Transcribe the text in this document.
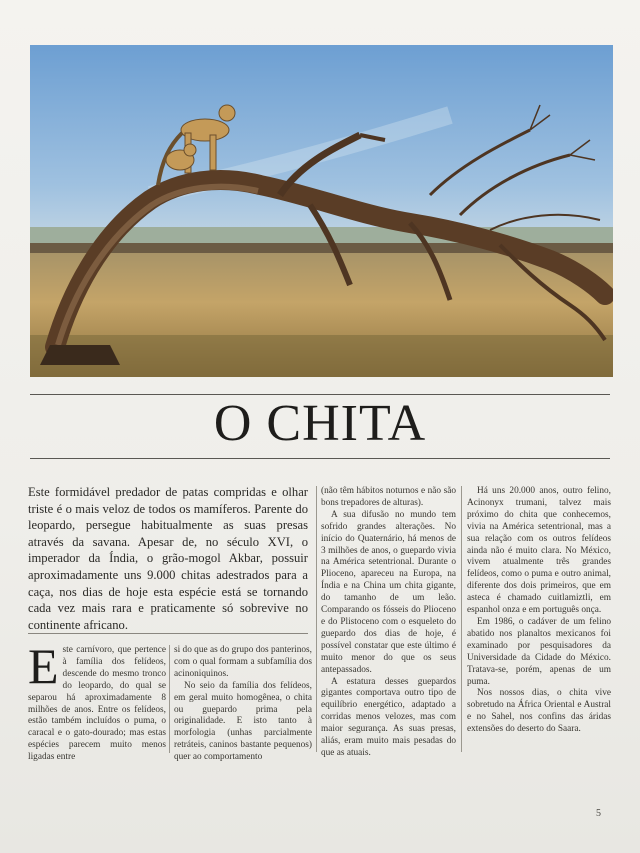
O CHITA
Este formidável predador de patas compridas e olhar triste é o mais veloz de todos os mamíferos. Parente do leopardo, persegue habitualmente as suas presas através da savana. Apesar de, no século XVI, o imperador da Índia, o grão-mogol Akbar, possuir aproximadamente uns 9.000 chitas adestrados para a caça, nos dias de hoje esta espécie está se tornando cada vez mais rara e praticamente só sobrevive no continente africano.

Este carnívoro, que pertence à família dos felídeos, descende do mesmo tronco do leopardo, do qual se separou há aproximadamente 8 milhões de anos. Entre os felídeos, estão também incluídos o puma, o caracal e o gato-dourado; mas estas espécies parecem muito menos ligadas entre

si do que as do grupo dos panterinos, com o qual formam a subfamília dos acinoniquinos.

No seio da família dos felídeos, em geral muito homogênea, o chita ou guepardo prima pela originalidade. E isto tanto à morfologia (unhas parcialmente retráteis, caninos bastante pequenos) quer ao comportamento

(não têm hábitos noturnos e não são bons trepadores de alturas).

A sua difusão no mundo tem sofrido grandes alterações. No início do Quaternário, há menos de 3 milhões de anos, o guepardo vivia na América setentrional. Durante o Plioceno, apareceu na Europa, na Índia e na China um chita gigante, do tamanho de um leão. Comparando os fósseis do Plioceno e do Plistoceno com o esqueleto do guepardo dos dias de hoje, é possível constatar que este último é muito menor do que os seus antepassados.

A estatura desses guepardos gigantes comportava outro tipo de equilíbrio energético, adaptado a corridas menos velozes, mas com maior segurança. As suas presas, aliás, eram muito mais pesadas do que as atuais.

Há uns 20.000 anos, outro felino, Acinonyx trumani, talvez mais próximo do chita que conhecemos, vivia na América setentrional, mas a sua relação com os outros felídeos ainda não é muito clara. No México, vivem atualmente três grandes felídeos, como o puma e outro animal, diferente dos dois primeiros, que em asteca é chamado cuitlamiztli, em espanhol onza e em português onça.

Em 1986, o cadáver de um felino abatido nos planaltos mexicanos foi examinado por pesquisadores da Universidade da Cidade do México. Tratava-se, porém, apenas de um puma.

Nos nossos dias, o chita vive sobretudo na África Oriental e Austral e no Sahel, nos confins das áridas extensões do deserto do Saara.

5
